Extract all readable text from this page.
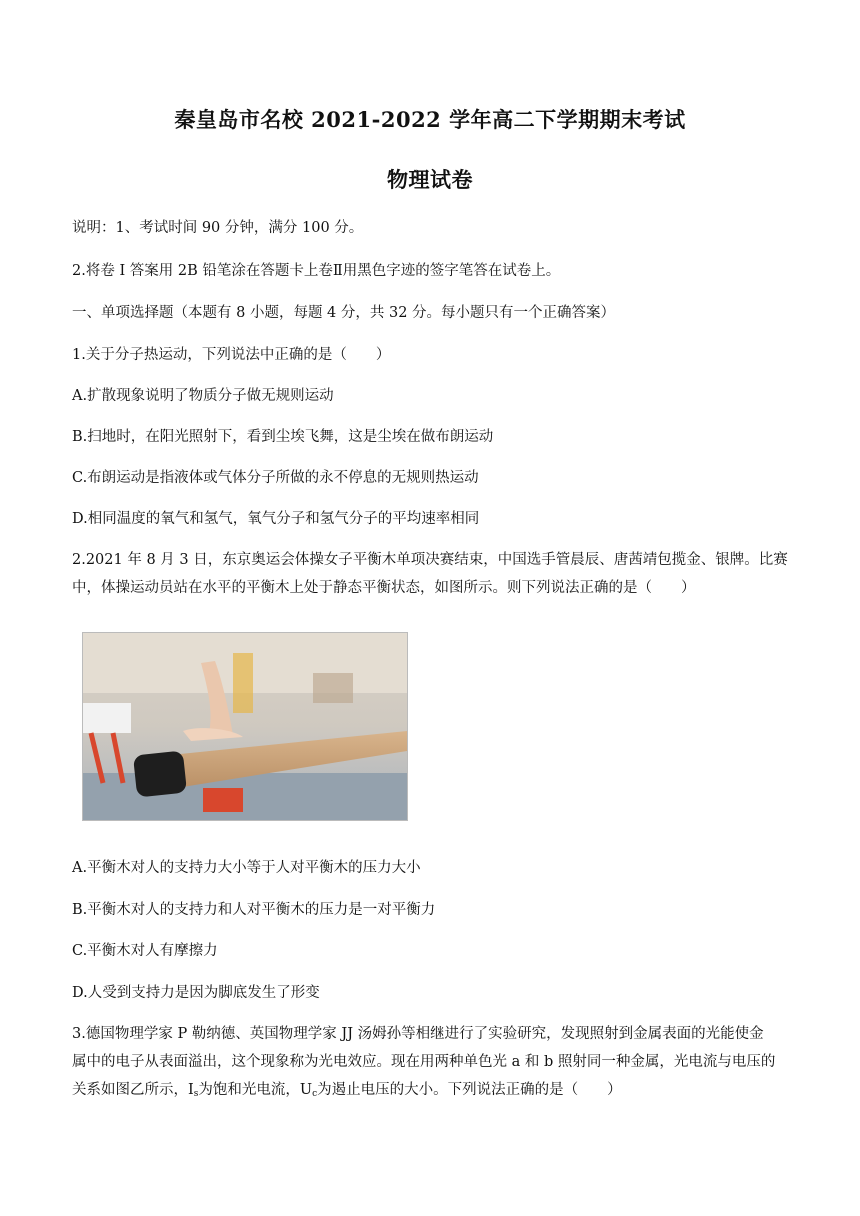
秦皇岛市名校 2021-2022 学年高二下学期期末考试
物理试卷
说明：1、考试时间 90 分钟，满分 100 分。
2.将卷 I 答案用 2B 铅笔涂在答题卡上卷Ⅱ用黑色字迹的签字笔答在试卷上。
一、单项选择题（本题有 8 小题，每题 4 分，共 32 分。每小题只有一个正确答案）
1.关于分子热运动，下列说法中正确的是（　　）
A.扩散现象说明了物质分子做无规则运动
B.扫地时，在阳光照射下，看到尘埃飞舞，这是尘埃在做布朗运动
C.布朗运动是指液体或气体分子所做的永不停息的无规则热运动
D.相同温度的氧气和氢气，氧气分子和氢气分子的平均速率相同
2.2021 年 8 月 3 日，东京奥运会体操女子平衡木单项决赛结束，中国选手管晨辰、唐茜靖包揽金、银牌。比赛
中，体操运动员站在水平的平衡木上处于静态平衡状态，如图所示。则下列说法正确的是（　　）
A.平衡木对人的支持力大小等于人对平衡木的压力大小
B.平衡木对人的支持力和人对平衡木的压力是一对平衡力
C.平衡木对人有摩擦力
D.人受到支持力是因为脚底发生了形变
3.德国物理学家 P 勒纳德、英国物理学家 JJ 汤姆孙等相继进行了实验研究，发现照射到金属表面的光能使金
属中的电子从表面溢出，这个现象称为光电效应。现在用两种单色光 a 和 b 照射同一种金属，光电流与电压的
关系如图乙所示，$I_s$为饱和光电流，$U_c$为遏止电压的大小。下列说法正确的是（　　）
